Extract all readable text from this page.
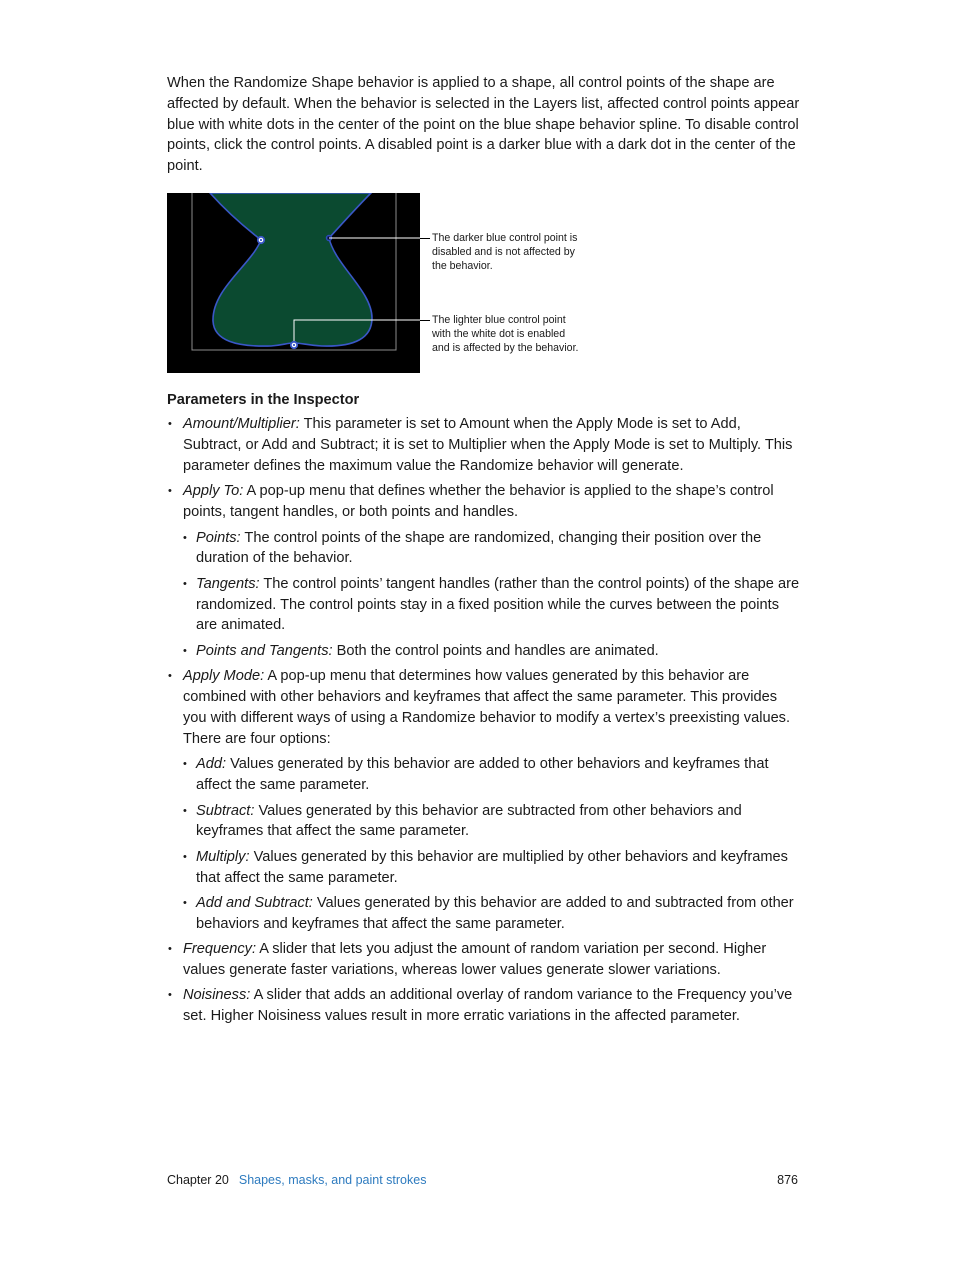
When the Randomize Shape behavior is applied to a shape, all control points of the shape are affected by default. When the behavior is selected in the Layers list, affected control points appear blue with white dots in the center of the point on the blue shape behavior spline. To disable control points, click the control points. A disabled point is a darker blue with a dark dot in the center of the point.

The darker blue control point is disabled and is not affected by the behavior.

The lighter blue control point with the white dot is enabled and is affected by the behavior.

Parameters in the Inspector
• Amount/Multiplier: This parameter is set to Amount when the Apply Mode is set to Add, Subtract, or Add and Subtract; it is set to Multiplier when the Apply Mode is set to Multiply. This parameter defines the maximum value the Randomize behavior will generate.
• Apply To: A pop-up menu that defines whether the behavior is applied to the shape’s control points, tangent handles, or both points and handles.
• Points: The control points of the shape are randomized, changing their position over the duration of the behavior.
• Tangents: The control points’ tangent handles (rather than the control points) of the shape are randomized. The control points stay in a fixed position while the curves between the points are animated.
• Points and Tangents: Both the control points and handles are animated.
• Apply Mode: A pop-up menu that determines how values generated by this behavior are combined with other behaviors and keyframes that affect the same parameter. This provides you with different ways of using a Randomize behavior to modify a vertex’s preexisting values. There are four options:
• Add: Values generated by this behavior are added to other behaviors and keyframes that affect the same parameter.
• Subtract: Values generated by this behavior are subtracted from other behaviors and keyframes that affect the same parameter.
• Multiply: Values generated by this behavior are multiplied by other behaviors and keyframes that affect the same parameter.
• Add and Subtract: Values generated by this behavior are added to and subtracted from other behaviors and keyframes that affect the same parameter.
• Frequency: A slider that lets you adjust the amount of random variation per second. Higher values generate faster variations, whereas lower values generate slower variations.
• Noisiness: A slider that adds an additional overlay of random variance to the Frequency you’ve set. Higher Noisiness values result in more erratic variations in the affected parameter.
Chapter 20 Shapes, masks, and paint strokes	876
